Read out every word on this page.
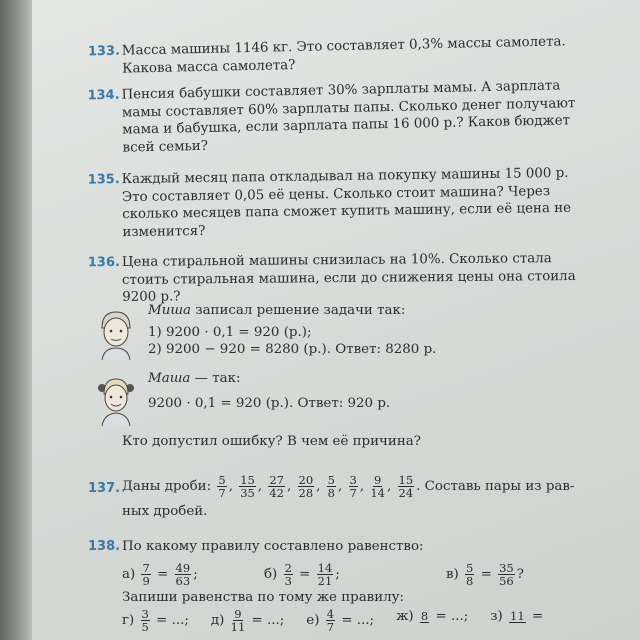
133. Масса машины 1146 кг. Это составляет 0,3% массы самолета.
Какова масса самолета?
134. Пенсия бабушки составляет 30% зарплаты мамы. А зарплата
мамы составляет 60% зарплаты папы. Сколько денег получают
мама и бабушка, если зарплата папы 16 000 р.? Каков бюджет
всей семьи?
135. Каждый месяц папа откладывал на покупку машины 15 000 р.
Это составляет 0,05 её цены. Сколько стоит машина? Через
сколько месяцев папа сможет купить машину, если её цена не
изменится?
136. Цена стиральной машины снизилась на 10%. Сколько стала
стоить стиральная машина, если до снижения цены она стоила
9200 р.?
Миша записал решение задачи так:
1) 9200 · 0,1 = 920 (р.);
2) 9200 − 920 = 8280 (р.). Ответ: 8280 р.
Маша — так:
9200 · 0,1 = 920 (р.). Ответ: 920 р.
Кто допустил ошибку? В чем её причина?
137. Даны дроби: $\frac{5}{7}$ , $\frac{15}{35}$ , $\frac{27}{42}$ , $\frac{20}{28}$ , $\frac{5}{8}$ , $\frac{3}{7}$ , $\frac{9}{14}$ , $\frac{15}{24}$ . Составь пары из рав-
ных дробей.
138. По какому правилу составлено равенство:
$а) \frac{7}{9} = \frac{49}{63}$ ;	$б) \frac{2}{3} = \frac{14}{21}$ ;	$в) \frac{5}{8} = \frac{35}{56}$ ?
Запиши равенства по тому же правилу:
$г) \frac{3}{5}$ = ...; $д) \frac{9}{11}$ = ...; $е) \frac{4}{7}$ = ...; ж) 8 = ...; з) 11 =
